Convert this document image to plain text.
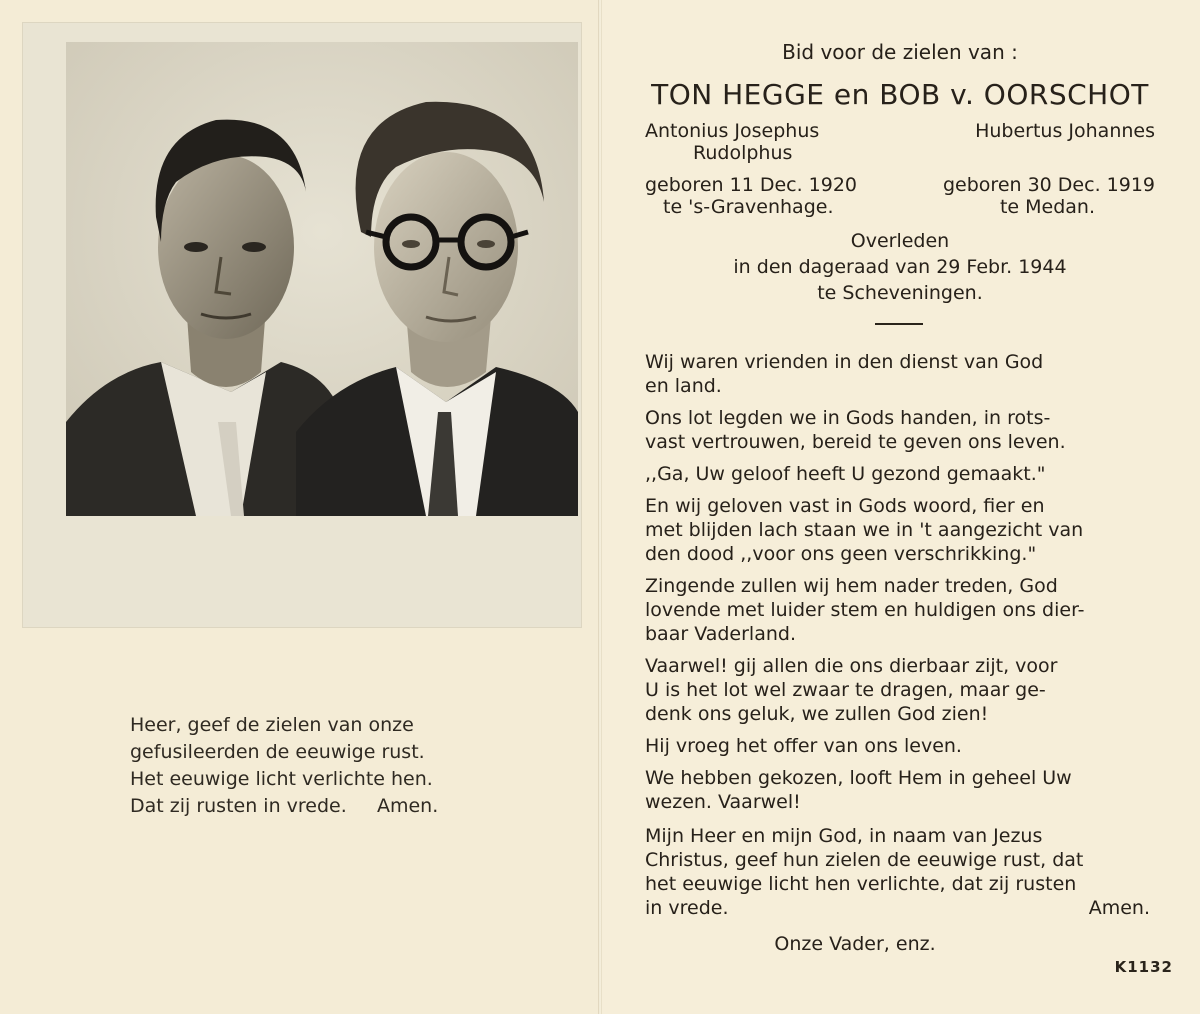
Heer, geef de zielen van onze
gefusileerden de eeuwige rust.
Het eeuwige licht verlichte hen.
Dat zij rusten in vrede.     Amen.
Bid voor de zielen van :
TON HEGGE en BOB v. OORSCHOT
Antonius Josephus
Rudolphus
Hubertus Johannes
geboren 11 Dec. 1920
te 's-Gravenhage.
geboren 30 Dec. 1919
te Medan.
Overleden
in den dageraad van 29 Febr. 1944
te Scheveningen.
Wij waren vrienden in den dienst van God
en land.
Ons lot legden we in Gods handen, in rots-
vast vertrouwen, bereid te geven ons leven.
,,Ga, Uw geloof heeft U gezond gemaakt."
En wij geloven vast in Gods woord, fier en
met blijden lach staan we in 't aangezicht van
den dood ,,voor ons geen verschrikking."
Zingende zullen wij hem nader treden, God
lovende met luider stem en huldigen ons dier-
baar Vaderland.
Vaarwel! gij allen die ons dierbaar zijt, voor
U is het lot wel zwaar te dragen, maar ge-
denk ons geluk, we zullen God zien!
Hij vroeg het offer van ons leven.
We hebben gekozen, looft Hem in geheel Uw
wezen. Vaarwel!
Mijn Heer en mijn God, in naam van Jezus
Christus, geef hun zielen de eeuwige rust, dat
het eeuwige licht hen verlichte, dat zij rusten
in vrede.	Amen.
Onze Vader, enz.
K1132
